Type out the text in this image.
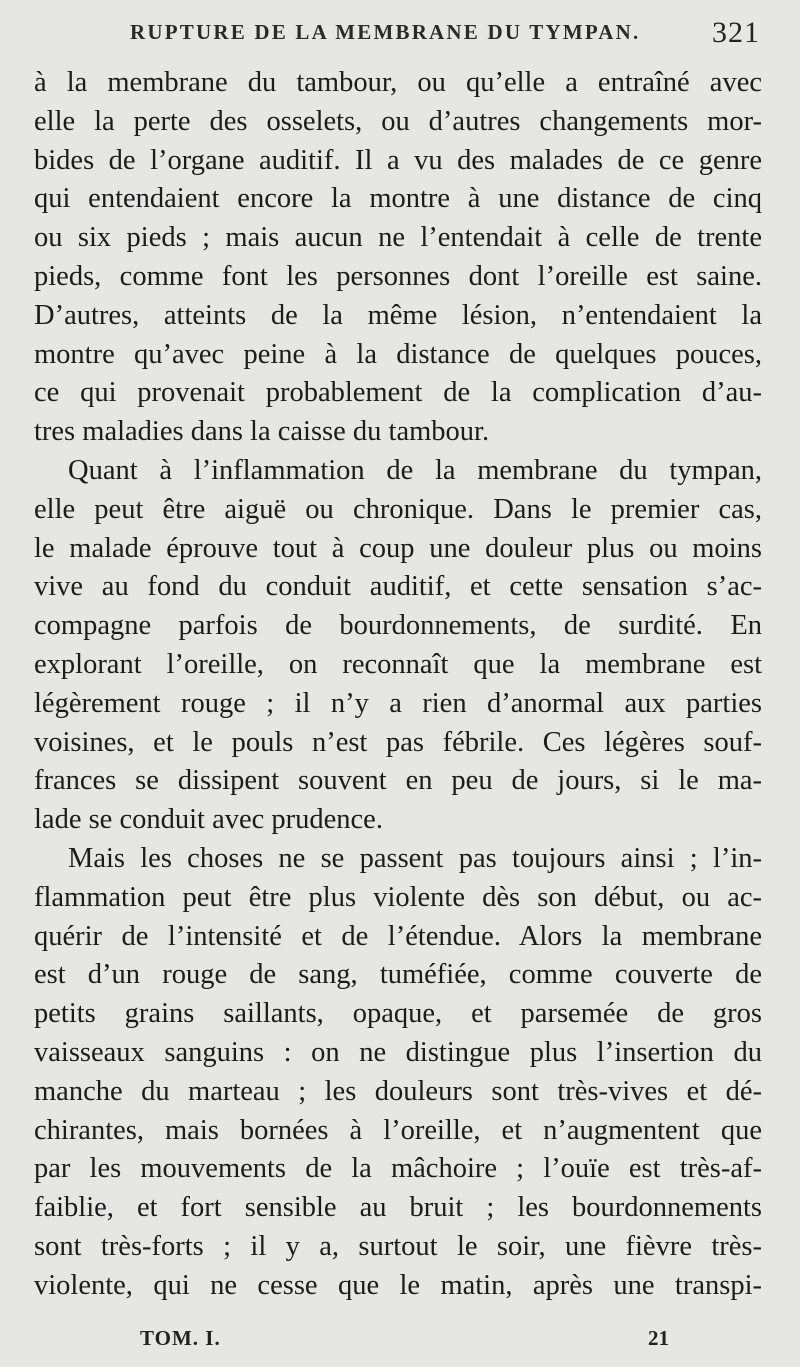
RUPTURE DE LA MEMBRANE DU TYMPAN. 321
à la membrane du tambour, ou qu’elle a entraîné avec
elle la perte des osselets, ou d’autres changements mor-
bides de l’organe auditif. Il a vu des malades de ce genre
qui entendaient encore la montre à une distance de cinq
ou six pieds ; mais aucun ne l’entendait à celle de trente
pieds, comme font les personnes dont l’oreille est saine.
D’autres, atteints de la même lésion, n’entendaient la
montre qu’avec peine à la distance de quelques pouces,
ce qui provenait probablement de la complication d’au-
tres maladies dans la caisse du tambour.
Quant à l’inflammation de la membrane du tympan,
elle peut être aiguë ou chronique. Dans le premier cas,
le malade éprouve tout à coup une douleur plus ou moins
vive au fond du conduit auditif, et cette sensation s’ac-
compagne parfois de bourdonnements, de surdité. En
explorant l’oreille, on reconnaît que la membrane est
légèrement rouge ; il n’y a rien d’anormal aux parties
voisines, et le pouls n’est pas fébrile. Ces légères souf-
frances se dissipent souvent en peu de jours, si le ma-
lade se conduit avec prudence.
Mais les choses ne se passent pas toujours ainsi ; l’in-
flammation peut être plus violente dès son début, ou ac-
quérir de l’intensité et de l’étendue. Alors la membrane
est d’un rouge de sang, tuméfiée, comme couverte de
petits grains saillants, opaque, et parsemée de gros
vaisseaux sanguins : on ne distingue plus l’insertion du
manche du marteau ; les douleurs sont très-vives et dé-
chirantes, mais bornées à l’oreille, et n’augmentent que
par les mouvements de la mâchoire ; l’ouïe est très-af-
faiblie, et fort sensible au bruit ; les bourdonnements
sont très-forts ; il y a, surtout le soir, une fièvre très-
violente, qui ne cesse que le matin, après une transpi-
TOM. I.	21
